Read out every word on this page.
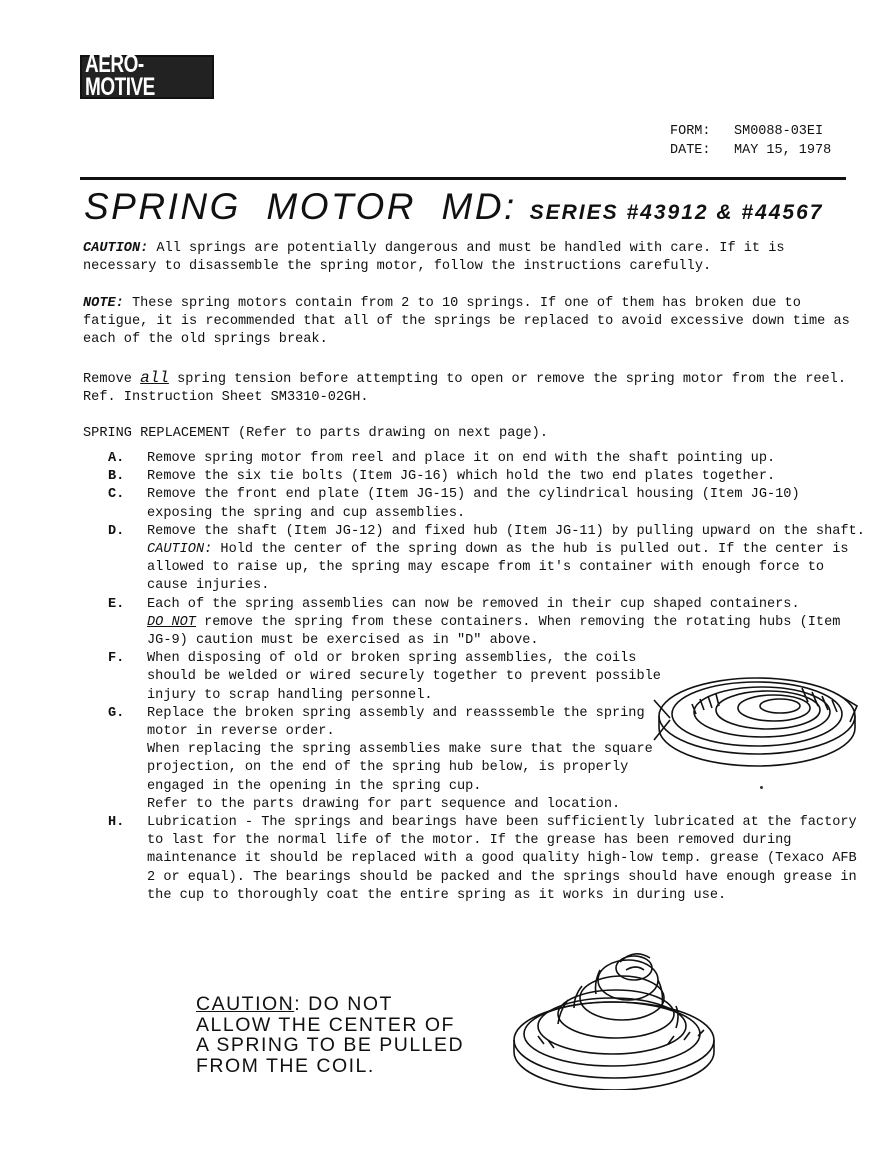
AERO-MOTIVE
FORM: SM0088-03EI
DATE: MAY 15, 1978
SPRING  MOTOR  MD: SERIES #43912 & #44567
CAUTION: All springs are potentially dangerous and must be handled with care. If it is necessary to disassemble the spring motor, follow the instructions carefully.
NOTE: These spring motors contain from 2 to 10 springs. If one of them has broken due to fatigue, it is recommended that all of the springs be replaced to avoid excessive down time as each of the old springs break.
Remove all spring tension before attempting to open or remove the spring motor from the reel. Ref. Instruction Sheet SM3310-02GH.
SPRING REPLACEMENT (Refer to parts drawing on next page).
A.	Remove spring motor from reel and place it on end with the shaft pointing up.
B.	Remove the six tie bolts (Item JG-16) which hold the two end plates together.
C.	Remove the front end plate (Item JG-15) and the cylindrical housing (Item JG-10) exposing the spring and cup assemblies.
D.	Remove the shaft (Item JG-12) and fixed hub (Item JG-11) by pulling upward on the shaft.
CAUTION: Hold the center of the spring down as the hub is pulled out. If the center is allowed to raise up, the spring may escape from it's container with enough force to cause injuries.
E.	Each of the spring assemblies can now be removed in their cup shaped containers.
DO NOT remove the spring from these containers. When removing the rotating hubs (Item JG-9) caution must be exercised as in "D" above.
F.	When disposing of old or broken spring assemblies, the coils should be welded or wired securely together to prevent possible injury to scrap handling personnel.
G.	Replace the broken spring assembly and reasssemble the spring motor in reverse order.
When replacing the spring assemblies make sure that the square projection, on the end of the spring hub below, is properly engaged in the opening in the spring cup.
Refer to the parts drawing for part sequence and location.
H.	Lubrication - The springs and bearings have been sufficiently lubricated at the factory to last for the normal life of the motor. If the grease has been removed during maintenance it should be replaced with a good quality high-low temp. grease (Texaco AFB 2 or equal). The bearings should be packed and the springs should have enough grease in the cup to thoroughly coat the entire spring as it works in during use.
CAUTION: DO NOT ALLOW THE CENTER OF A SPRING TO BE PULLED FROM THE COIL.
